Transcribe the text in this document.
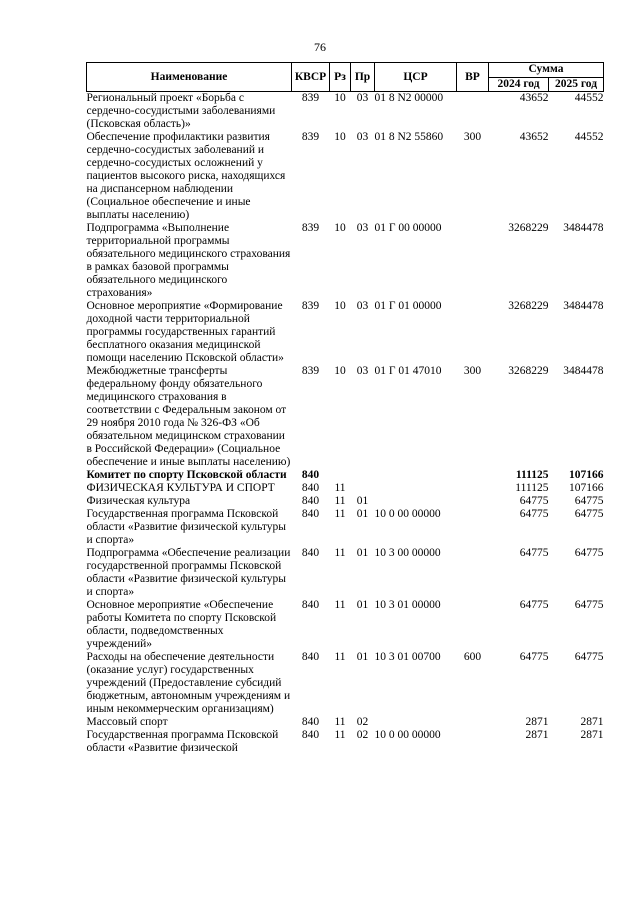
76
Наименование	КВСР	Рз	Пр	ЦСР	ВР	Сумма	
						2024 год	2025 год
Региональный проект «Борьба с сердечно-сосудистыми заболеваниями (Псковская область)»	839	10	03	01 8 N2 00000		43652	44552
Обеспечение профилактики развития сердечно-сосудистых заболеваний и сердечно-сосудистых осложнений у пациентов высокого риска, находящихся на диспансерном наблюдении (Социальное обеспечение и иные выплаты населению)	839	10	03	01 8 N2 55860	300	43652	44552
Подпрограмма «Выполнение территориальной программы обязательного медицинского страхования в рамках базовой программы обязательного медицинского страхования»	839	10	03	01 Г 00 00000		3268229	3484478
Основное мероприятие «Формирование доходной части территориальной программы государственных гарантий бесплатного оказания медицинской помощи населению Псковской области»	839	10	03	01 Г 01 00000		3268229	3484478
Межбюджетные трансферты федеральному фонду обязательного медицинского страхования в соответствии с Федеральным законом от 29 ноября 2010 года № 326-ФЗ «Об обязательном медицинском страховании в Российской Федерации» (Социальное обеспечение и иные выплаты населению)	839	10	03	01 Г 01 47010	300	3268229	3484478
Комитет по спорту Псковской области	840					111125	107166
ФИЗИЧЕСКАЯ КУЛЬТУРА И СПОРТ	840	11				111125	107166
Физическая культура	840	11	01			64775	64775
Государственная программа Псковской области «Развитие физической культуры и спорта»	840	11	01	10 0 00 00000		64775	64775
Подпрограмма «Обеспечение реализации государственной программы Псковской области «Развитие физической культуры и спорта»	840	11	01	10 3 00 00000		64775	64775
Основное мероприятие «Обеспечение работы Комитета по спорту Псковской области, подведомственных учреждений»	840	11	01	10 3 01 00000		64775	64775
Расходы на обеспечение деятельности (оказание услуг) государственных учреждений (Предоставление субсидий бюджетным, автономным учреждениям и иным некоммерческим организациям)	840	11	01	10 3 01 00700	600	64775	64775
Массовый спорт	840	11	02			2871	2871
Государственная программа Псковской области «Развитие физической	840	11	02	10 0 00 00000		2871	2871
